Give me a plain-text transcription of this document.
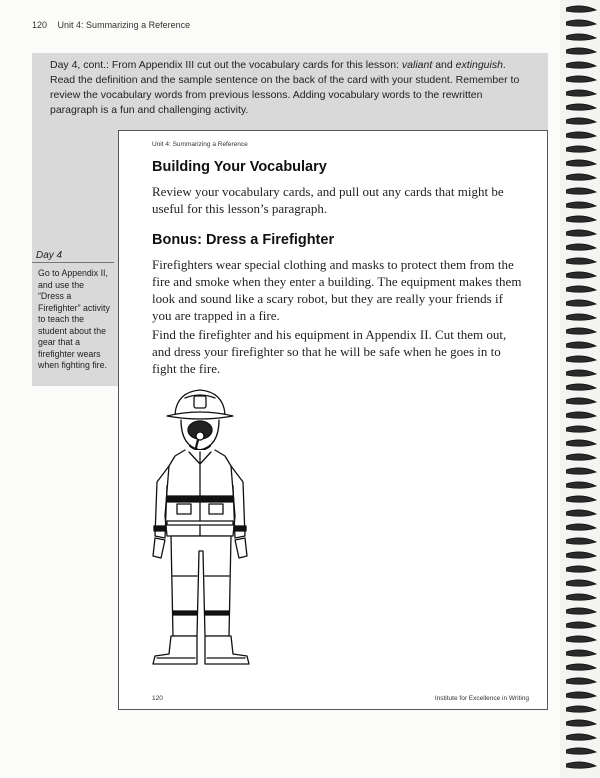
120 Unit 4: Summarizing a Reference
Day 4, cont.: From Appendix III cut out the vocabulary cards for this lesson: valiant and extinguish. Read the definition and the sample sentence on the back of the card with your student. Remember to review the vocabulary words from previous lessons. Adding vocabulary words to the rewritten paragraph is a fun and challenging activity.
Day 4
Go to Appendix II, and use the “Dress a Firefighter” activity to teach the student about the gear that a firefighter wears when fighting fire.
Unit 4: Summarizing a Reference
Building Your Vocabulary
Review your vocabulary cards, and pull out any cards that might be useful for this lesson’s paragraph.
Bonus: Dress a Firefighter
Firefighters wear special clothing and masks to protect them from the fire and smoke when they enter a building. The equipment makes them look and sound like a scary robot, but they are really your friends if you are trapped in a fire.
Find the firefighter and his equipment in Appendix II. Cut them out, and dress your firefighter so that he will be safe when he goes in to fight the fire.
120	Institute for Excellence in Writing
